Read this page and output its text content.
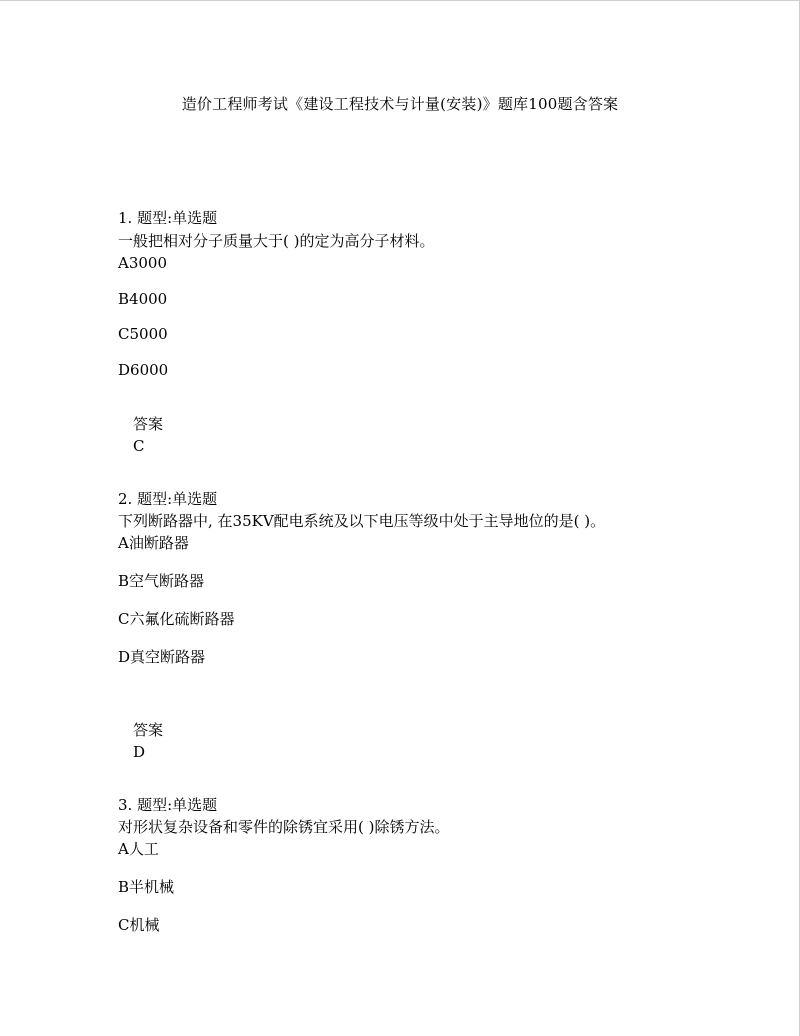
造价工程师考试《建设工程技术与计量(安装)》题库100题含答案
1. 题型:单选题
一般把相对分子质量大于( )的定为高分子材料。
A3000
B4000
C5000
D6000
答案
C
2. 题型:单选题
下列断路器中, 在35KV配电系统及以下电压等级中处于主导地位的是( )。
A油断路器
B空气断路器
C六氟化硫断路器
D真空断路器
答案
D
3. 题型:单选题
对形状复杂设备和零件的除锈宜采用( )除锈方法。
A人工
B半机械
C机械
